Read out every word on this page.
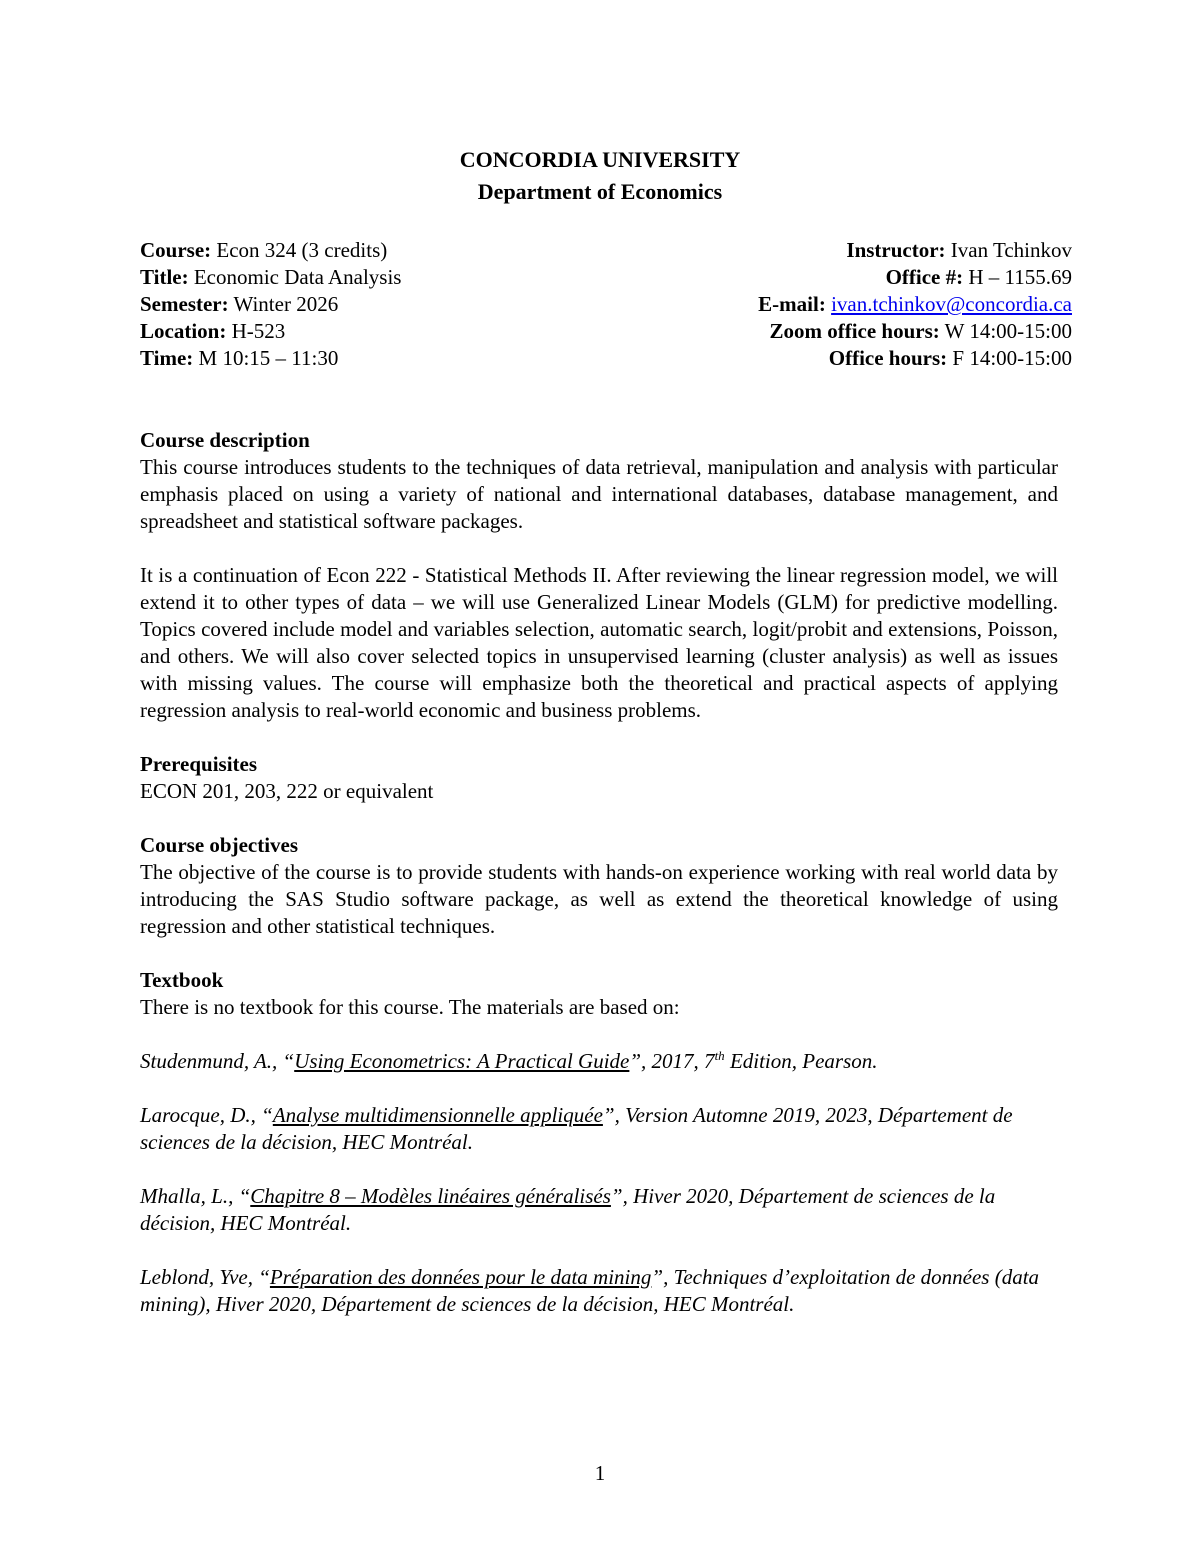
CONCORDIA UNIVERSITY
Department of Economics
Course: Econ 324 (3 credits)	Instructor: Ivan Tchinkov
Title: Economic Data Analysis	Office #: H – 1155.69
Semester: Winter 2026	E-mail: ivan.tchinkov@concordia.ca
Location: H-523	Zoom office hours: W 14:00-15:00
Time: M 10:15 – 11:30	Office hours: F 14:00-15:00
Course description

This course introduces students to the techniques of data retrieval, manipulation and analysis with particular emphasis placed on using a variety of national and international databases, database management, and spreadsheet and statistical software packages.

It is a continuation of Econ 222 - Statistical Methods II. After reviewing the linear regression model, we will extend it to other types of data – we will use Generalized Linear Models (GLM) for predictive modelling. Topics covered include model and variables selection, automatic search, logit/probit and extensions, Poisson, and others. We will also cover selected topics in unsupervised learning (cluster analysis) as well as issues with missing values. The course will emphasize both the theoretical and practical aspects of applying regression analysis to real-world economic and business problems.

Prerequisites
ECON 201, 203, 222 or equivalent
Course objectives

The objective of the course is to provide students with hands-on experience working with real world data by introducing the SAS Studio software package, as well as extend the theoretical knowledge of using regression and other statistical techniques.

Textbook
There is no textbook for this course. The materials are based on:

Studenmund, A., “Using Econometrics: A Practical Guide”, 2017, 7th Edition, Pearson.

Larocque, D., “Analyse multidimensionnelle appliquée”, Version Automne 2019, 2023, Département de sciences de la décision, HEC Montréal.

Mhalla, L., “Chapitre 8 – Modèles linéaires généralisés”, Hiver 2020, Département de sciences de la décision, HEC Montréal.

Leblond, Yve, “Préparation des données pour le data mining”, Techniques d’exploitation de données (data mining), Hiver 2020, Département de sciences de la décision, HEC Montréal.

1
